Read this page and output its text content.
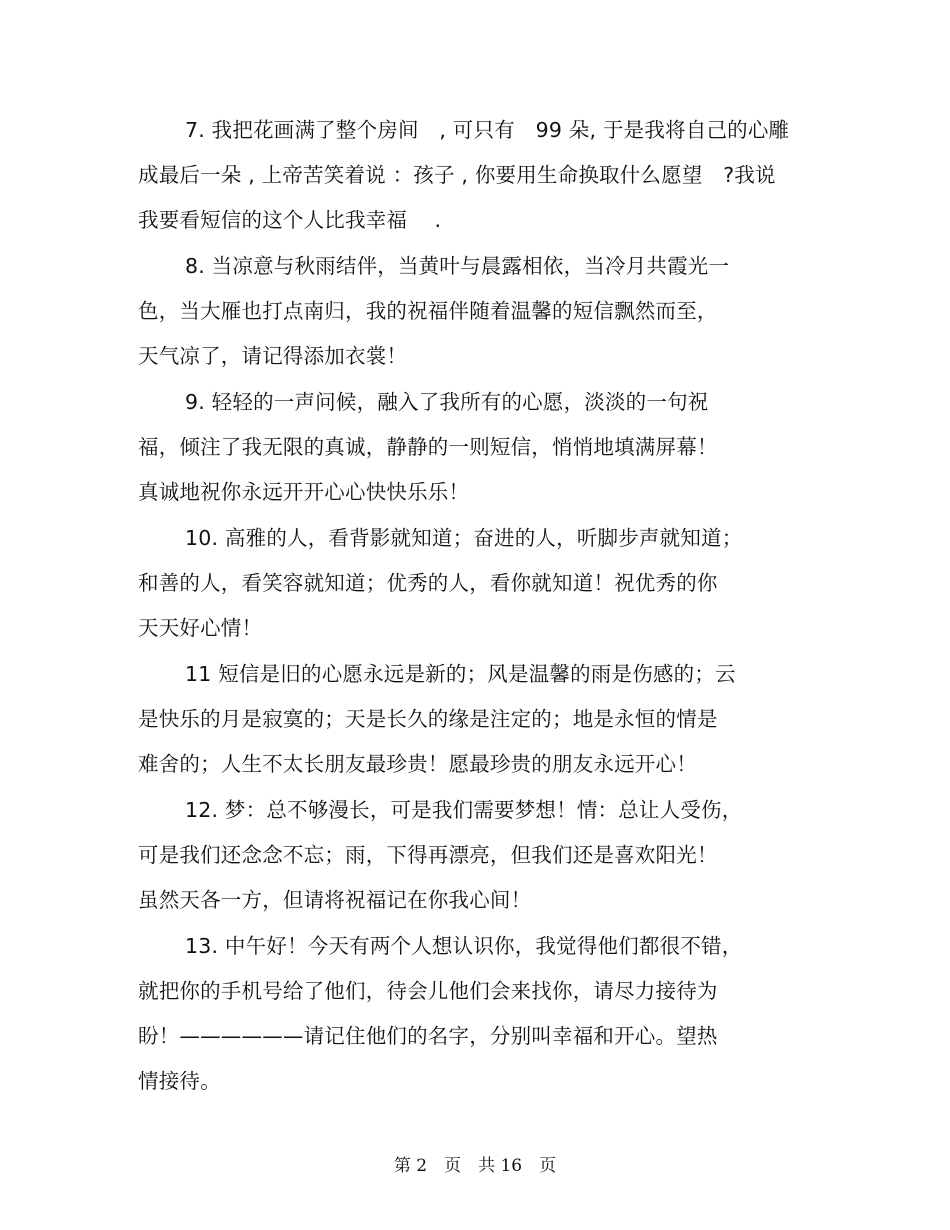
7. 我把花画满了整个房间　, 可只有　99 朵, 于是我将自己的心雕
成最后一朵 , 上帝苦笑着说 ：孩子 , 你要用生命换取什么愿望　?我说
我要看短信的这个人比我幸福　 .
8. 当凉意与秋雨结伴，当黄叶与晨露相依，当冷月共霞光一
色，当大雁也打点南归，我的祝福伴随着温馨的短信飘然而至，
天气凉了，请记得添加衣裳！
9. 轻轻的一声问候，融入了我所有的心愿，淡淡的一句祝
福，倾注了我无限的真诚，静静的一则短信，悄悄地填满屏幕！
真诚地祝你永远开开心心快快乐乐！
10. 高雅的人，看背影就知道；奋进的人，听脚步声就知道；
和善的人，看笑容就知道；优秀的人，看你就知道！祝优秀的你
天天好心情！
11 短信是旧的心愿永远是新的；风是温馨的雨是伤感的；云
是快乐的月是寂寞的；天是长久的缘是注定的；地是永恒的情是
难舍的；人生不太长朋友最珍贵！愿最珍贵的朋友永远开心！
12. 梦：总不够漫长，可是我们需要梦想！情：总让人受伤，
可是我们还念念不忘；雨，下得再漂亮，但我们还是喜欢阳光！
虽然天各一方，但请将祝福记在你我心间！
13. 中午好！今天有两个人想认识你，我觉得他们都很不错，
就把你的手机号给了他们，待会儿他们会来找你，请尽力接待为
盼！——————请记住他们的名字，分别叫幸福和开心。望热
情接待。
第 2　页　共 16　页
